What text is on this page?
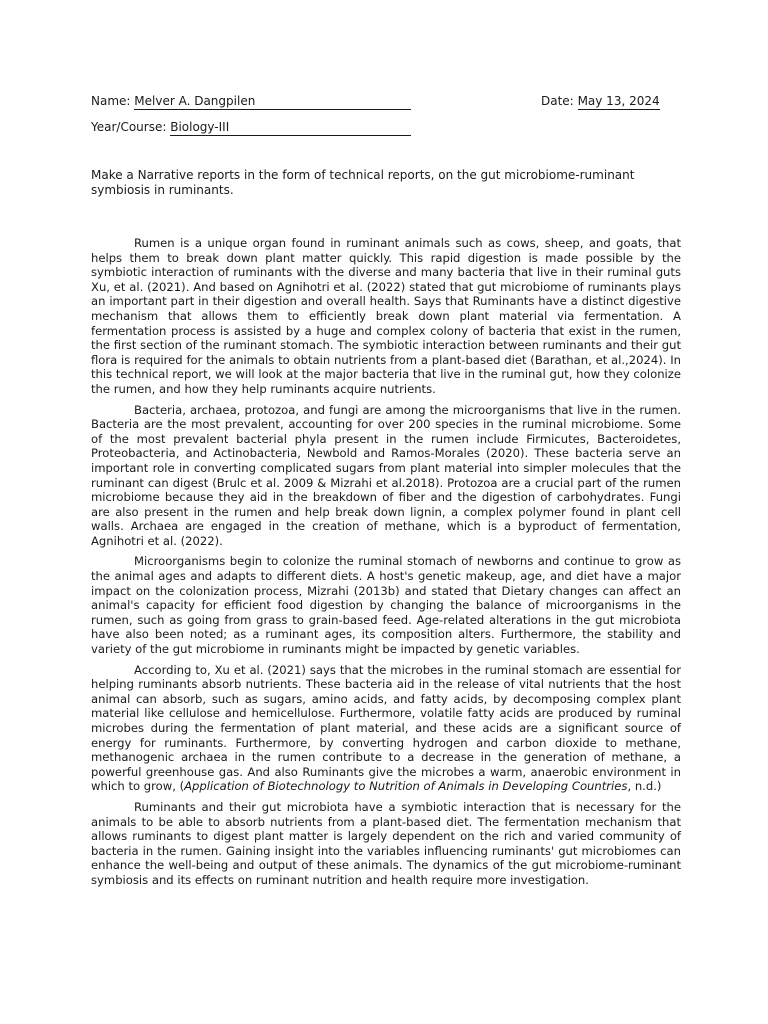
Name: Melver A. Dangpilen	Date: May 13, 2024
Year/Course: Biology-III
Make a Narrative reports in the form of technical reports, on the gut microbiome-ruminant symbiosis in ruminants.

Rumen is a unique organ found in ruminant animals such as cows, sheep, and goats, that helps them to break down plant matter quickly. This rapid digestion is made possible by the symbiotic interaction of ruminants with the diverse and many bacteria that live in their ruminal guts Xu, et al. (2021). And based on Agnihotri et al. (2022) stated that gut microbiome of ruminants plays an important part in their digestion and overall health. Says that Ruminants have a distinct digestive mechanism that allows them to efficiently break down plant material via fermentation. A fermentation process is assisted by a huge and complex colony of bacteria that exist in the rumen, the first section of the ruminant stomach. The symbiotic interaction between ruminants and their gut flora is required for the animals to obtain nutrients from a plant-based diet (Barathan, et al.,2024). In this technical report, we will look at the major bacteria that live in the ruminal gut, how they colonize the rumen, and how they help ruminants acquire nutrients.

Bacteria, archaea, protozoa, and fungi are among the microorganisms that live in the rumen. Bacteria are the most prevalent, accounting for over 200 species in the ruminal microbiome. Some of the most prevalent bacterial phyla present in the rumen include Firmicutes, Bacteroidetes, Proteobacteria, and Actinobacteria, Newbold and Ramos-Morales (2020). These bacteria serve an important role in converting complicated sugars from plant material into simpler molecules that the ruminant can digest (Brulc et al. 2009 & Mizrahi et al.2018). Protozoa are a crucial part of the rumen microbiome because they aid in the breakdown of fiber and the digestion of carbohydrates. Fungi are also present in the rumen and help break down lignin, a complex polymer found in plant cell walls. Archaea are engaged in the creation of methane, which is a byproduct of fermentation, Agnihotri et al. (2022).

Microorganisms begin to colonize the ruminal stomach of newborns and continue to grow as the animal ages and adapts to different diets. A host's genetic makeup, age, and diet have a major impact on the colonization process, Mizrahi (2013b) and stated that Dietary changes can affect an animal's capacity for efficient food digestion by changing the balance of microorganisms in the rumen, such as going from grass to grain-based feed. Age-related alterations in the gut microbiota have also been noted; as a ruminant ages, its composition alters. Furthermore, the stability and variety of the gut microbiome in ruminants might be impacted by genetic variables.

According to, Xu et al. (2021) says that the microbes in the ruminal stomach are essential for helping ruminants absorb nutrients. These bacteria aid in the release of vital nutrients that the host animal can absorb, such as sugars, amino acids, and fatty acids, by decomposing complex plant material like cellulose and hemicellulose. Furthermore, volatile fatty acids are produced by ruminal microbes during the fermentation of plant material, and these acids are a significant source of energy for ruminants. Furthermore, by converting hydrogen and carbon dioxide to methane, methanogenic archaea in the rumen contribute to a decrease in the generation of methane, a powerful greenhouse gas. And also Ruminants give the microbes a warm, anaerobic environment in which to grow, (Application of Biotechnology to Nutrition of Animals in Developing Countries, n.d.)

Ruminants and their gut microbiota have a symbiotic interaction that is necessary for the animals to be able to absorb nutrients from a plant-based diet. The fermentation mechanism that allows ruminants to digest plant matter is largely dependent on the rich and varied community of bacteria in the rumen. Gaining insight into the variables influencing ruminants' gut microbiomes can enhance the well-being and output of these animals. The dynamics of the gut microbiome-ruminant symbiosis and its effects on ruminant nutrition and health require more investigation.
